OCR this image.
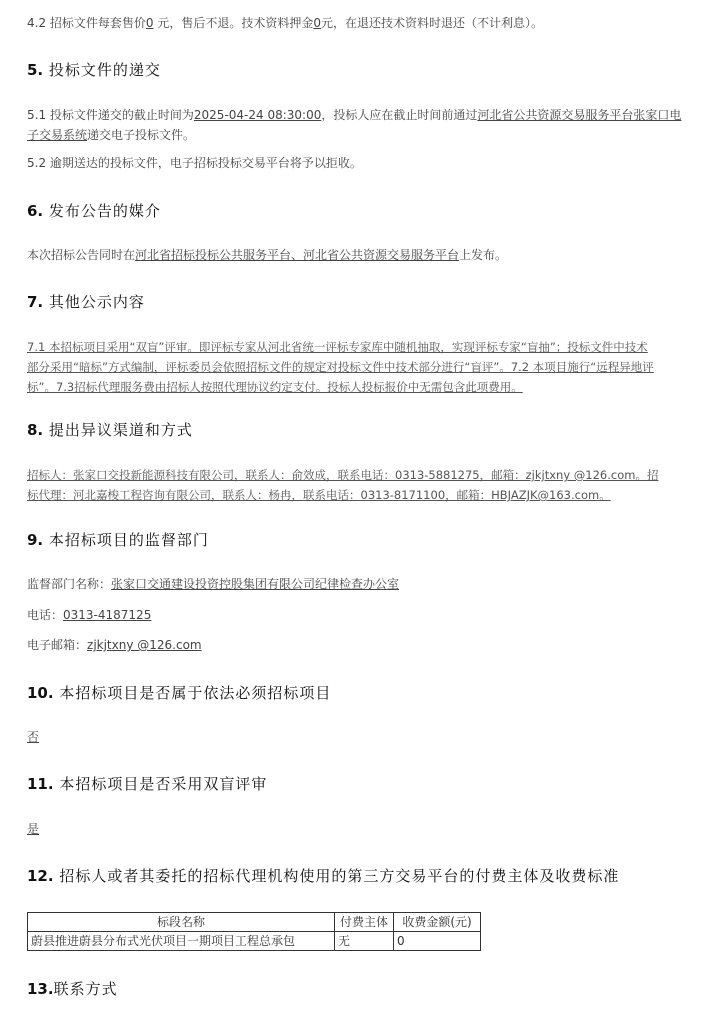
4.2 招标文件每套售价0 元，售后不退。技术资料押金0元，在退还技术资料时退还（不计利息）。

5. 投标文件的递交

5.1 投标文件递交的截止时间为2025-04-24 08:30:00，投标人应在截止时间前通过河北省公共资源交易服务平台张家口电
子交易系统递交电子投标文件。

5.2 逾期送达的投标文件，电子招标投标交易平台将予以拒收。

6. 发布公告的媒介

本次招标公告同时在河北省招标投标公共服务平台、河北省公共资源交易服务平台上发布。

7. 其他公示内容
7.1 本招标项目采用“双盲”评审。即评标专家从河北省统一评标专家库中随机抽取，实现评标专家“盲抽”；投标文件中技术
部分采用“暗标”方式编制，评标委员会依照招标文件的规定对投标文件中技术部分进行“盲评”。7.2 本项目施行“远程异地评
标”。7.3招标代理服务费由招标人按照代理协议约定支付。投标人投标报价中无需包含此项费用。
8. 提出异议渠道和方式
招标人：张家口交投新能源科技有限公司，联系人：俞效成，联系电话：0313-5881275，邮箱：zjkjtxny @126.com。招
标代理：河北嘉梭工程咨询有限公司，联系人：杨冉，联系电话：0313-8171100，邮箱：HBJAZJK@163.com。
9. 本招标项目的监督部门

监督部门名称：张家口交通建设投资控股集团有限公司纪律检查办公室

电话：0313-4187125

电子邮箱：zjkjtxny @126.com

10. 本招标项目是否属于依法必须招标项目

否

11. 本招标项目是否采用双盲评审

是

12. 招标人或者其委托的招标代理机构使用的第三方交易平台的付费主体及收费标准
标段名称	付费主体	收费金额(元)
蔚县推进蔚县分布式光伏项目一期项目工程总承包	无	0
13.联系方式
